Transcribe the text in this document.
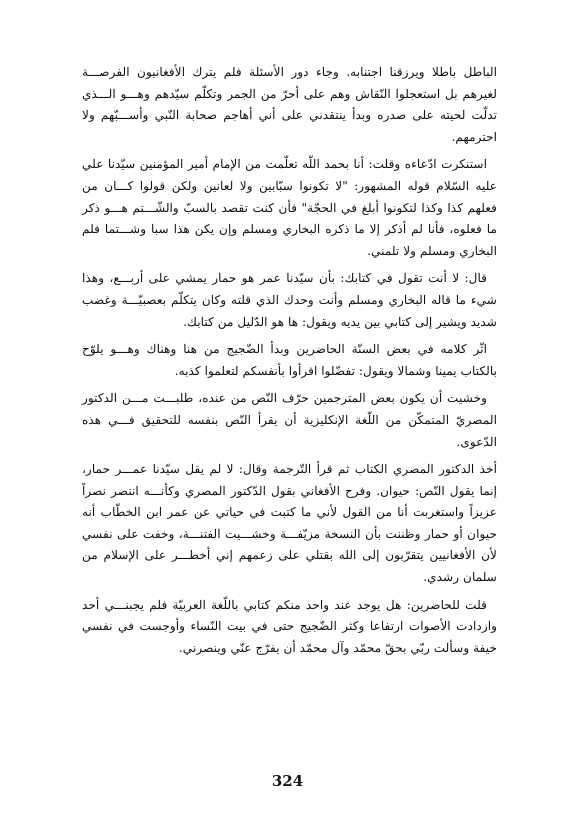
الباطل باطلا ويرزقنا اجتنابه. وجاء دور الأسئلة فلم يترك الأفغانيون الفرصـــة لغيرهم بل استعجلوا النّقاش وهم على أحرّ من الجمر وتكلّم سيّدهم وهـــو الـــذي تدلّت لحيته على صدره وبدأ ينتقدني على أني أهاجم صحابة النّبي وأســـبّهم ولا احترمهم.

استنكرت ادّعاءه وقلت: أنا بحمد اللّه تعلّمت من الإمام أمير المؤمنين سيّدنا علي عليه السّلام قوله المشهور: "لا تكونوا سبّابين ولا لعانين ولكن قولوا كـــان من فعلهم كذا وكذا لتكونوا أبلغ في الحجّة" فأن كنت تقصد بالسبّ والشّـــتم هـــو ذكر ما فعلوه، فأنا لم أذكر إلا ما ذكره البخاري ومسلم وإن يكن هذا سبا وشـــتما فلم البخاري ومسلم ولا تلمني.

قال: لا أنت تقول في كتابك: بأن سيّدنا عمر هو حمار يمشي على أربـــع، وهذا شيء ما قاله البخاري ومسلم وأنت وحدك الذي قلته وكان يتكلّم بعصبيّـــة وغضب شديد ويشير إلى كتابي بين يديه ويقول: ها هو الدّليل من كتابك.

اثّر كلامه في بعض السنّة الحاضرين وبدأ الضّجيج من هنا وهناك وهـــو يلوّح بالكتاب يمينا وشمالا ويقول: تفضّلوا اقرأوا بأنفسكم لتعلموا كذبه.

وخشيت أن يكون بعض المترجمين حرّف النّص من عنده، طلبـــت مـــن الدكتور المصريّ المتمكّن من اللّغة الإنكليزية أن يقرأ النّص بنفسه للتحقيق فـــي هذه الدّعوى.

أخذ الدكتور المصري الكتاب ثم قرأ التّرجمة وقال: لا لم يقل سيّدنا عمـــر حمار، إنما يقول النّص: حيوان. وفرح الأفغاني بقول الدّكتور المصري وكأنـــه انتصر نصراً عزيزاً واستغربت أنا من القول لأني ما كتبت في حياتي عن عمر ابن الخطّاب أنه حيوان أو حمار وظننت بأن النسخة مزيّفـــة وخشـــيت الفتنـــة، وخفت على نفسي لأن الأفغانيين يتقرّبون إلى الله بقتلي على زعمهم إني أخطـــر على الإسلام من سلمان رشدي.

قلت للحاضرين: هل يوجد عند واحد منكم كتابي باللّغة العربيّة فلم يجبنـــي أحد وازدادت الأصوات ارتفاعا وكثر الضّجيج حتى في بيت النّساء وأوجست في نفسي خيفة وسألت ربّي بحقّ محمّد وآل محمّد أن يفرّج عنّي وينصرني.

324
